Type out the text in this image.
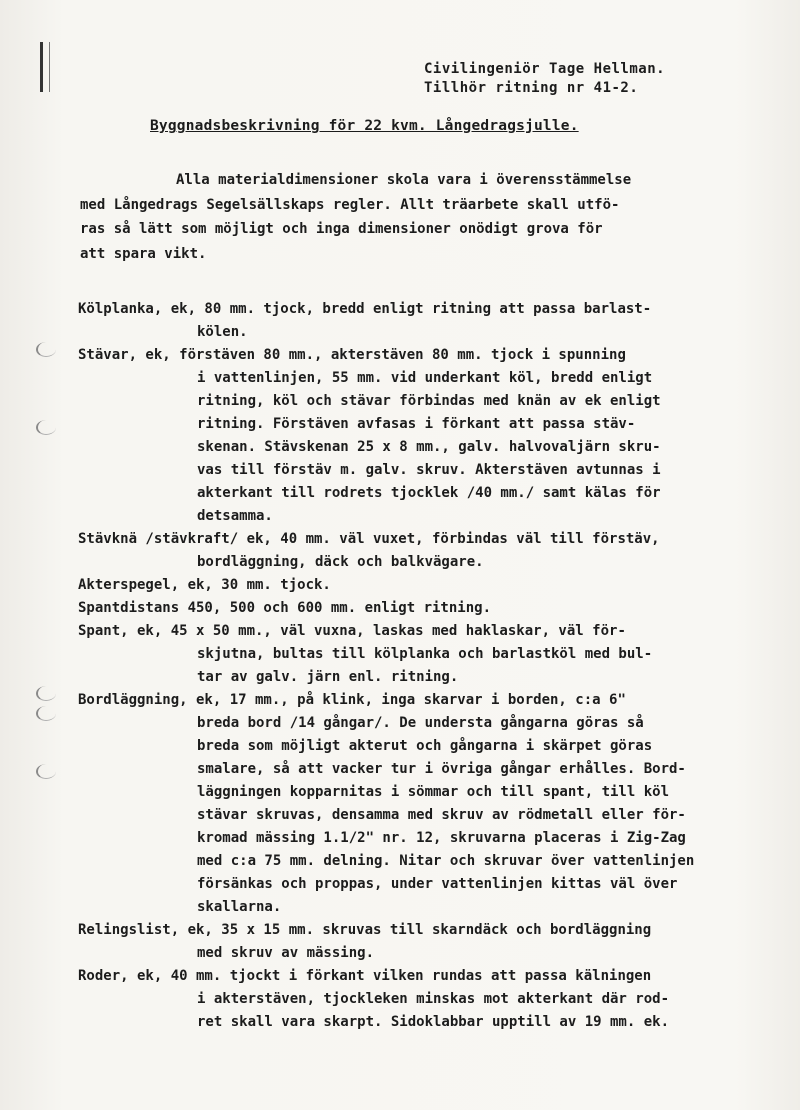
Civilingeniör Tage Hellman.
Tillhör ritning nr 41-2.
Byggnadsbeskrivning för 22 kvm. Långedragsjulle.
Alla materialdimensioner skola vara i överensstämmelse
med Långedrags Segelsällskaps regler. Allt träarbete skall utfö-
ras så lätt som möjligt och inga dimensioner onödigt grova för
att spara vikt.
Kölplanka, ek, 80 mm. tjock, bredd enligt ritning att passa barlast-
kölen.
Stävar, ek, förstäven 80 mm., akterstäven 80 mm. tjock i spunning
i vattenlinjen, 55 mm. vid underkant köl, bredd enligt
ritning, köl och stävar förbindas med knän av ek enligt
ritning. Förstäven avfasas i förkant att passa stäv-
skenan. Stävskenan 25 x 8 mm., galv. halvovaljärn skru-
vas till förstäv m. galv. skruv. Akterstäven avtunnas i
akterkant till rodrets tjocklek /40 mm./ samt kälas för
detsamma.
Stävknä /stävkraft/ ek, 40 mm. väl vuxet, förbindas väl till förstäv,
bordläggning, däck och balkvägare.
Akterspegel, ek, 30 mm. tjock.
Spantdistans 450, 500 och 600 mm. enligt ritning.
Spant, ek, 45 x 50 mm., väl vuxna, laskas med haklaskar, väl för-
skjutna, bultas till kölplanka och barlastköl med bul-
tar av galv. järn enl. ritning.
Bordläggning, ek, 17 mm., på klink, inga skarvar i borden, c:a 6"
breda bord /14 gångar/. De understa gångarna göras så
breda som möjligt akterut och gångarna i skärpet göras
smalare, så att vacker tur i övriga gångar erhålles. Bord-
läggningen kopparnitas i sömmar och till spant, till köl
stävar skruvas, densamma med skruv av rödmetall eller för-
kromad mässing 1.1/2" nr. 12, skruvarna placeras i Zig-Zag
med c:a 75 mm. delning. Nitar och skruvar över vattenlinjen
försänkas och proppas, under vattenlinjen kittas väl över
skallarna.
Relingslist, ek, 35 x 15 mm. skruvas till skarndäck och bordläggning
med skruv av mässing.
Roder, ek, 40 mm. tjockt i förkant vilken rundas att passa kälningen
i akterstäven, tjockleken minskas mot akterkant där rod-
ret skall vara skarpt. Sidoklabbar upptill av 19 mm. ek.
